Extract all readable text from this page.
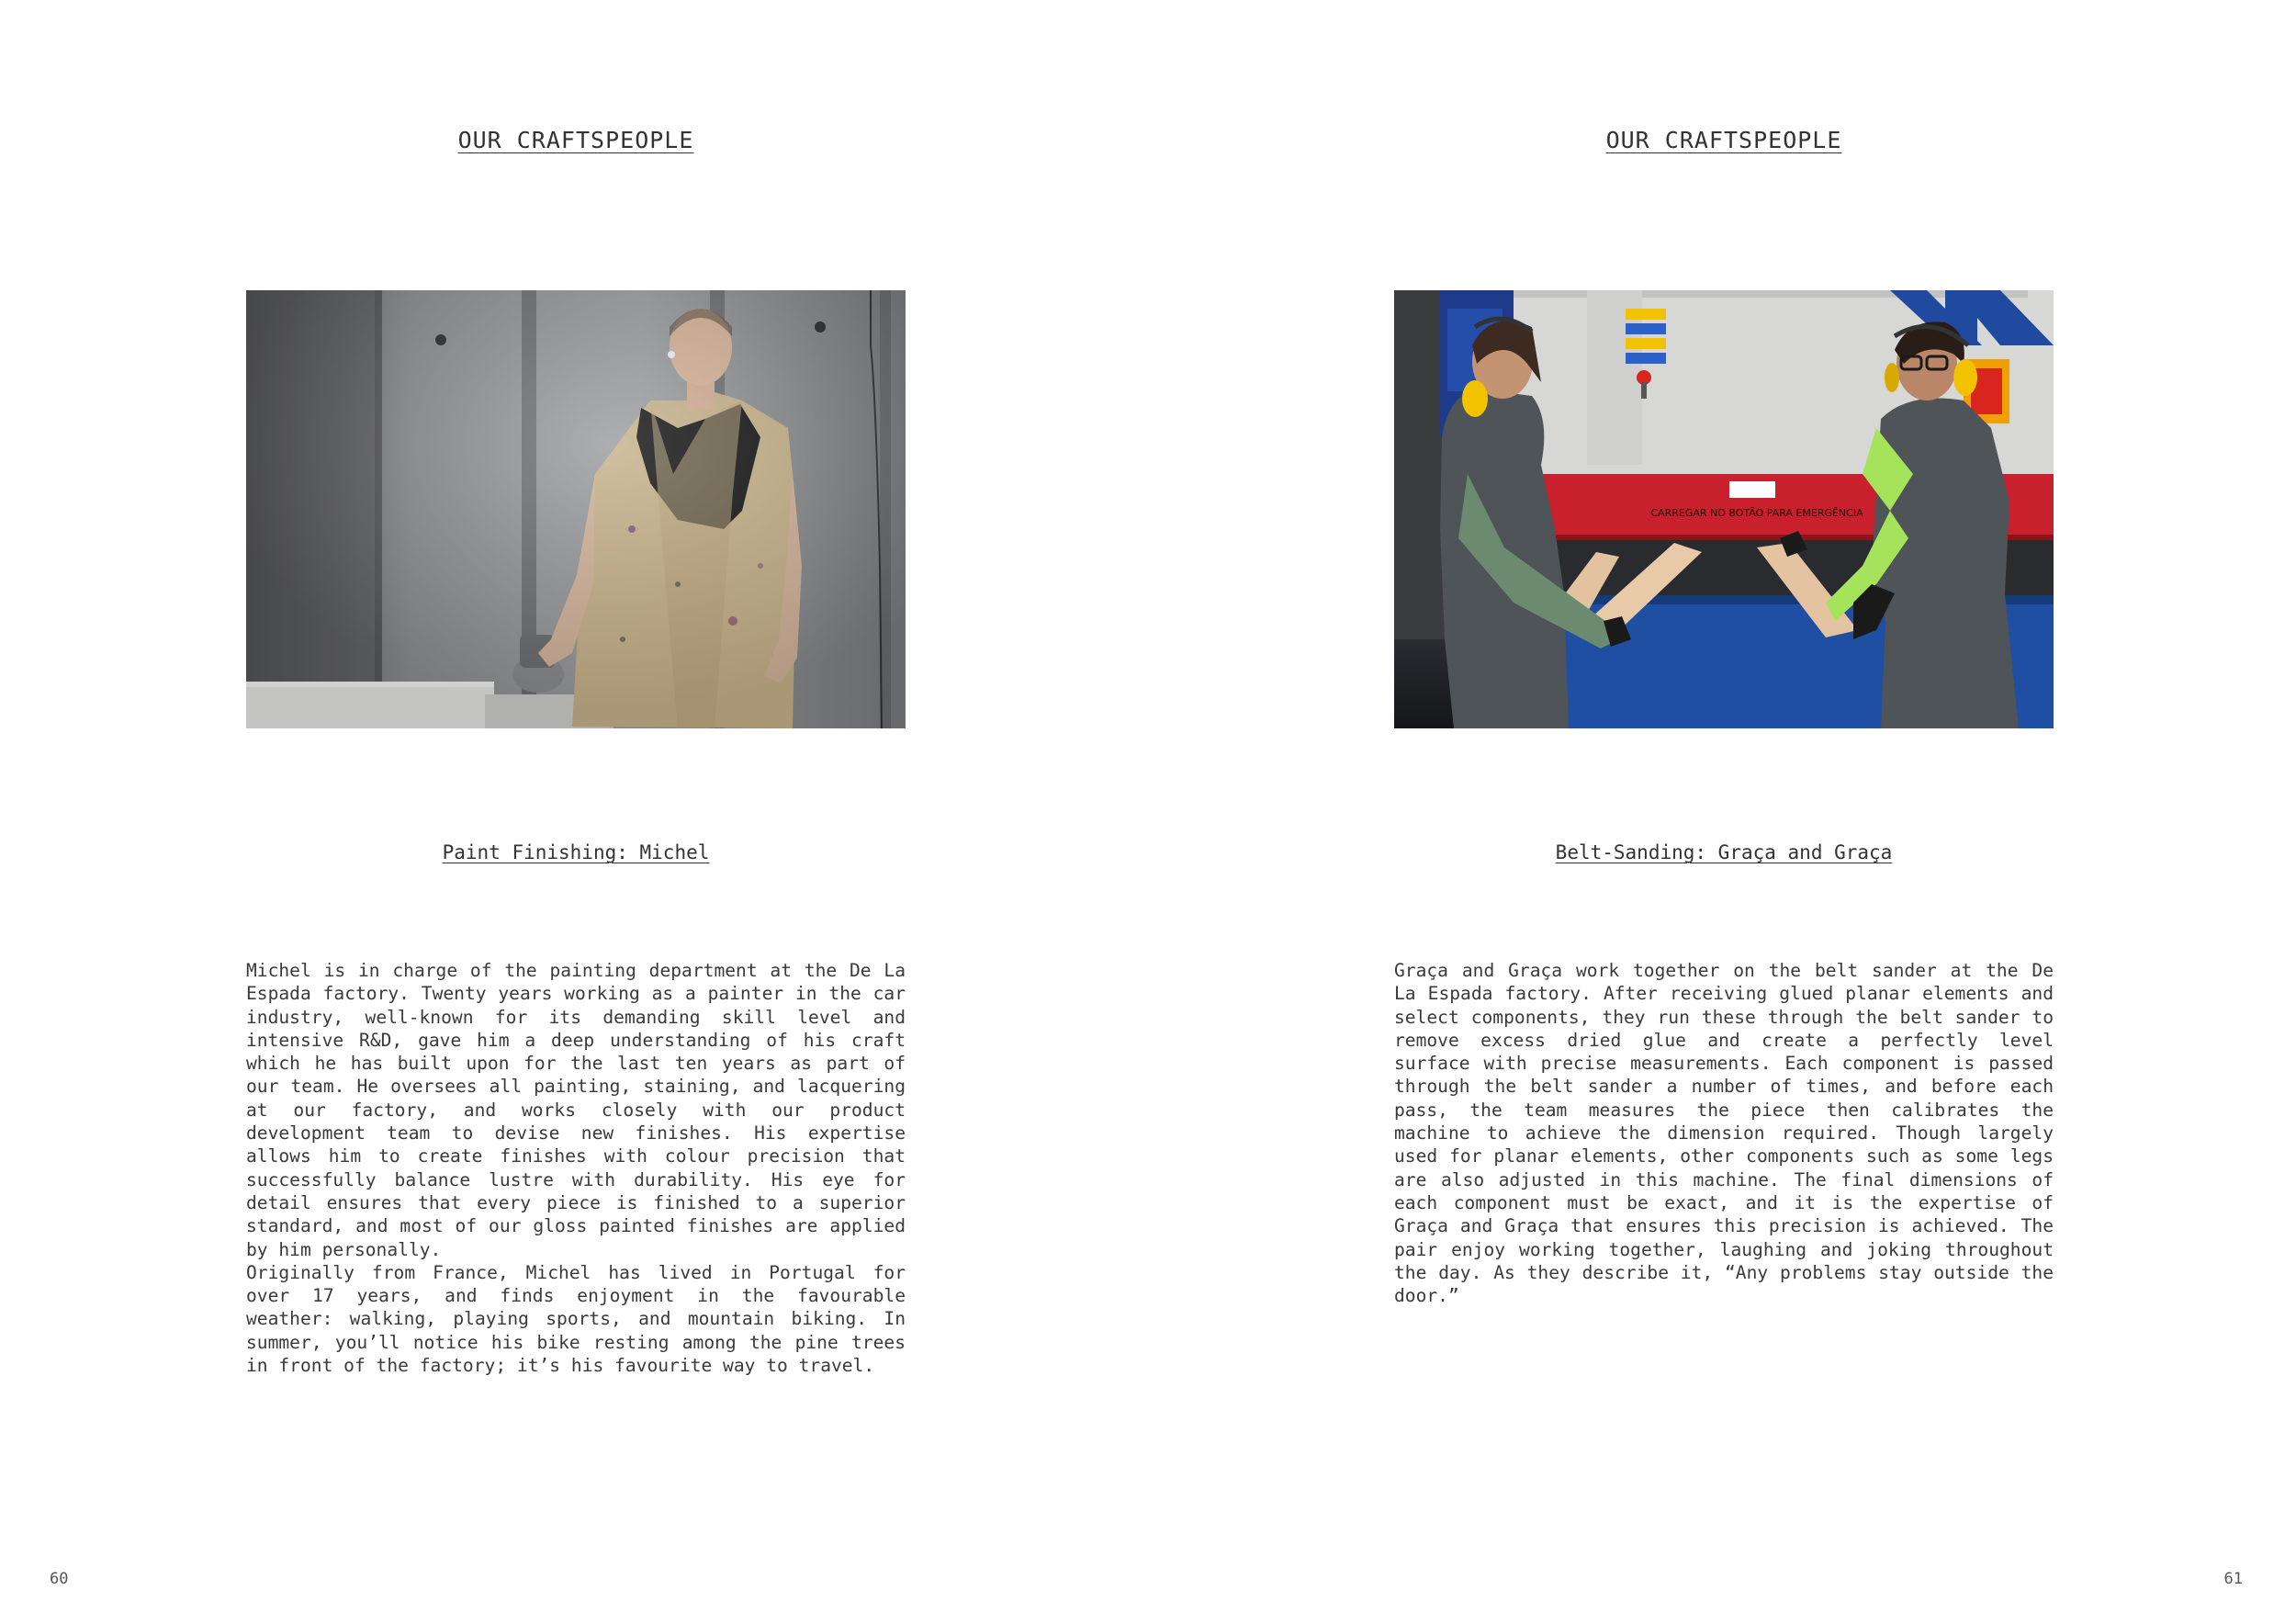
OUR CRAFTSPEOPLE
Paint Finishing: Michel

Michel is in charge of the painting department at the De La Espada factory. Twenty years working as a painter in the car industry, well-known for its demanding skill level and intensive R&D, gave him a deep understanding of his craft which he has built upon for the last ten years as part of our team. He oversees all painting, staining, and lacquering at our factory, and works closely with our product development team to devise new finishes. His expertise allows him to create finishes with colour precision that successfully balance lustre with durability. His eye for detail ensures that every piece is finished to a superior standard, and most of our gloss painted finishes are applied by him personally.

Originally from France, Michel has lived in Portugal for over 17 years, and finds enjoyment in the favourable weather: walking, playing sports, and mountain biking. In summer, you’ll notice his bike resting among the pine trees in front of the factory; it’s his favourite way to travel.

60
OUR CRAFTSPEOPLE
CARREGAR NO BOTÃO PARA EMERGÊNCIA
Belt-Sanding: Graça and Graça

Graça and Graça work together on the belt sander at the De La Espada factory. After receiving glued planar elements and select components, they run these through the belt sander to remove excess dried glue and create a perfectly level surface with precise measurements. Each component is passed through the belt sander a number of times, and before each pass, the team measures the piece then calibrates the machine to achieve the dimension required. Though largely used for planar elements, other components such as some legs are also adjusted in this machine. The final dimensions of each component must be exact, and it is the expertise of Graça and Graça that ensures this precision is achieved. The pair enjoy working together, laughing and joking throughout the day. As they describe it, “Any problems stay outside the door.”

61
